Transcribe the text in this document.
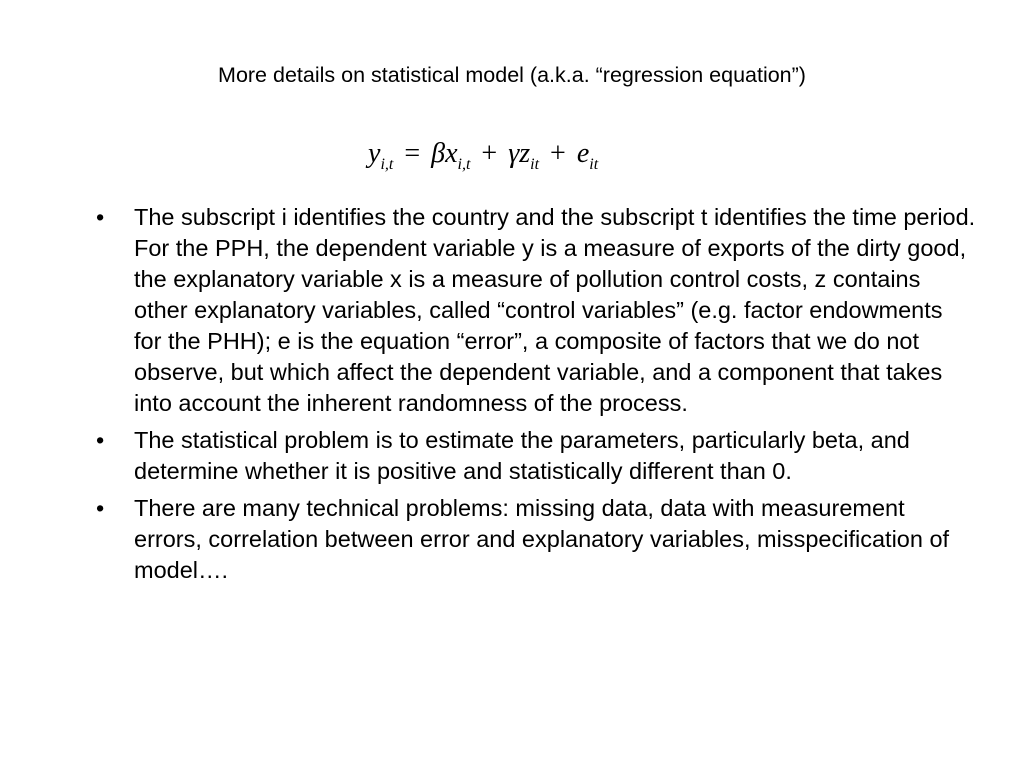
More details on statistical model (a.k.a. “regression equation”)
$y_{i,t} = \beta x_{i,t} + \gamma z_{it} + e_{it}$
• The subscript i identifies the country and the subscript t identifies the time period. For the PPH, the dependent variable y is a measure of exports of the dirty good, the explanatory variable x is a measure of pollution control costs, z contains other explanatory variables, called “control variables” (e.g. factor endowments for the PHH); e is the equation “error”, a composite of factors that we do not observe, but which affect the dependent variable, and a component that takes into account the inherent randomness of the process.
• The statistical problem is to estimate the parameters, particularly beta, and determine whether it is positive and statistically different than 0.
• There are many technical problems: missing data, data with measurement errors, correlation between error and explanatory variables, misspecification of model….
